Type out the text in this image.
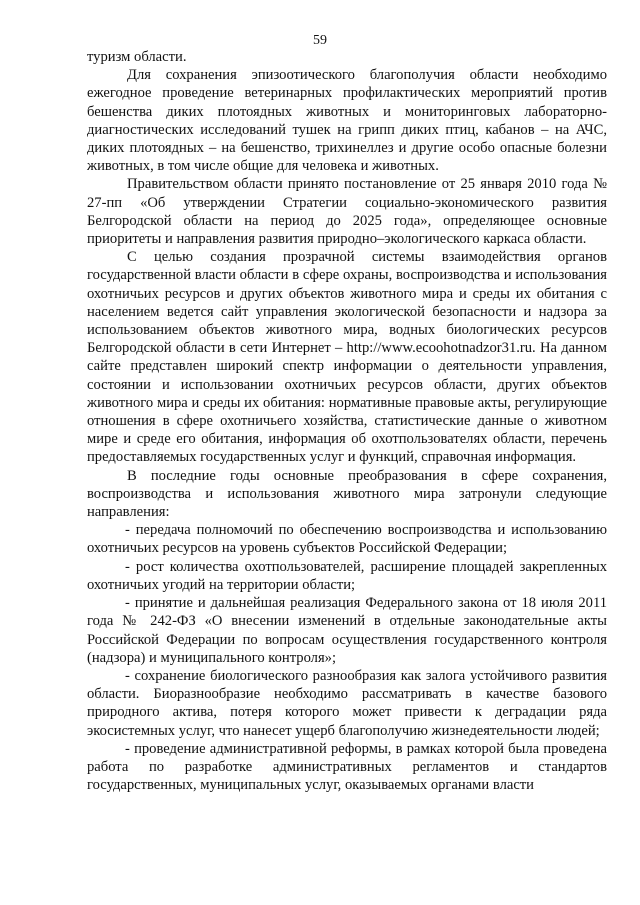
59

туризм области.

Для сохранения эпизоотического благополучия области необходимо ежегодное проведение ветеринарных профилактических мероприятий против бешенства диких плотоядных животных и мониторинговых лабораторно-диагностических исследований тушек на грипп диких птиц, кабанов – на АЧС, диких плотоядных – на бешенство, трихинеллез и другие особо опасные болезни животных, в том числе общие для человека и животных.

Правительством области принято постановление от 25 января 2010 года № 27-пп «Об утверждении Стратегии социально-экономического развития Белгородской области на период до 2025 года», определяющее основные приоритеты и направления развития природно–экологического каркаса области.

С целью создания прозрачной системы взаимодействия органов государственной власти области в сфере охраны, воспроизводства и использования охотничьих ресурсов и других объектов животного мира и среды их обитания с населением ведется сайт управления экологической безопасности и надзора за использованием объектов животного мира, водных биологических ресурсов Белгородской области в сети Интернет – http://www.ecoohotnadzor31.ru. На данном сайте представлен широкий спектр информации о деятельности управления, состоянии и использовании охотничьих ресурсов области, других объектов животного мира и среды их обитания: нормативные правовые акты, регулирующие отношения в сфере охотничьего хозяйства, статистические данные о животном мире и среде его обитания, информация об охотпользователях области, перечень предоставляемых государственных услуг и функций, справочная информация.

В последние годы основные преобразования в сфере сохранения, воспроизводства и использования животного мира затронули следующие направления:

- передача полномочий по обеспечению воспроизводства и использованию охотничьих ресурсов на уровень субъектов Российской Федерации;

- рост количества охотпользователей, расширение площадей закрепленных охотничьих угодий на территории области;

- принятие и дальнейшая реализация Федерального закона от 18 июля 2011 года № 242-ФЗ «О внесении изменений в отдельные законодательные акты Российской Федерации по вопросам осуществления государственного контроля (надзора) и муниципального контроля»;

- сохранение биологического разнообразия как залога устойчивого развития области. Биоразнообразие необходимо рассматривать в качестве базового природного актива, потеря которого может привести к деградации ряда экосистемных услуг, что нанесет ущерб благополучию жизнедеятельности людей;

- проведение административной реформы, в рамках которой была проведена работа по разработке административных регламентов и стандартов государственных, муниципальных услуг, оказываемых органами власти
